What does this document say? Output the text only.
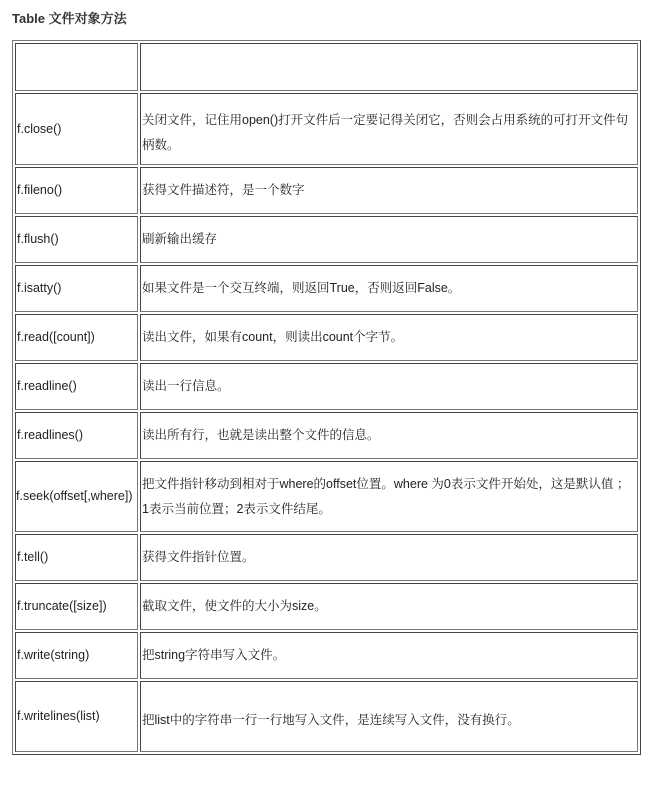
Table 文件对象方法

f.close()	关闭文件，记住用open()打开文件后一定要记得关闭它，否则会占用系统的可打开文件句柄数。
f.fileno()	获得文件描述符，是一个数字
f.flush()	刷新输出缓存
f.isatty()	如果文件是一个交互终端，则返回True，否则返回False。
f.read([count])	读出文件，如果有count，则读出count个字节。
f.readline()	读出一行信息。
f.readlines()	读出所有行，也就是读出整个文件的信息。
f.seek(offset[,where])	把文件指针移动到相对于where的offset位置。where 为0表示文件开始处，这是默认值 ；1表示当前位置；2表示文件结尾。
f.tell()	获得文件指针位置。
f.truncate([size])	截取文件，使文件的大小为size。
f.write(string)	把string字符串写入文件。
f.writelines(list)	把list中的字符串一行一行地写入文件，是连续写入文件，没有换行。
